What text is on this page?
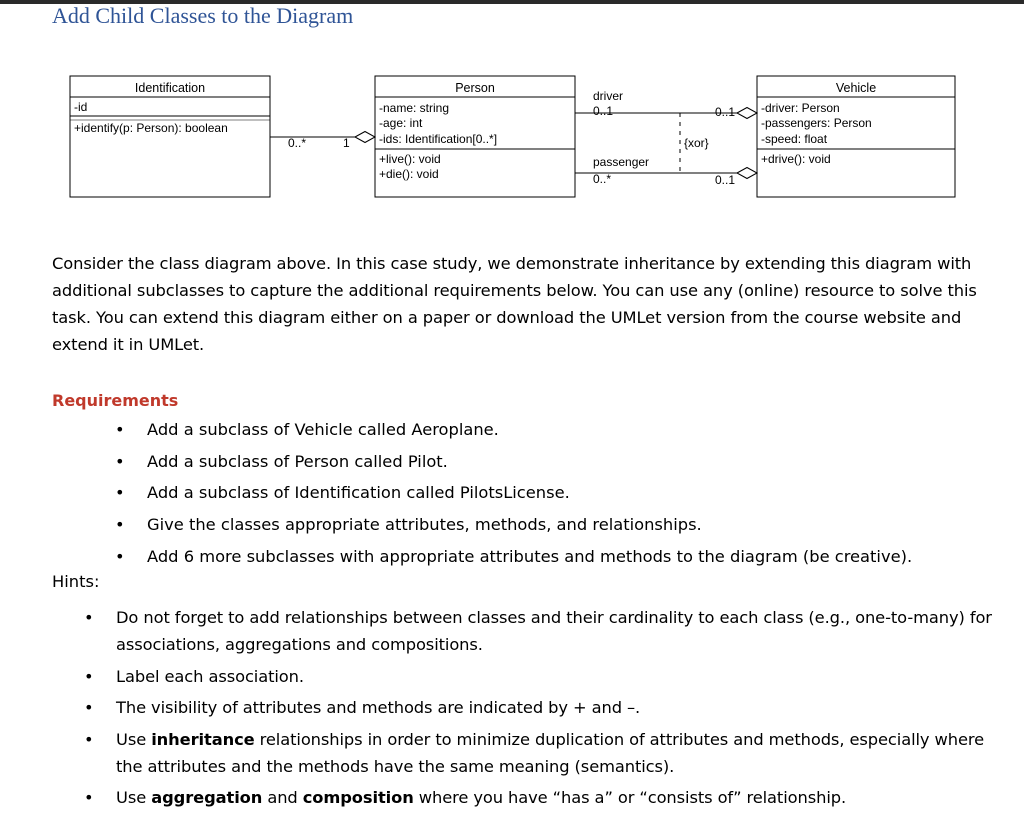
Add Child Classes to the Diagram
Identification
-id
+identify(p: Person): boolean
Person
-name: string
-age: int
-ids: Identification[0..*]
+live(): void
+die(): void
Vehicle
-driver: Person
-passengers: Person
-speed: float
+drive(): void
0..*	1
driver
0..1	0..1
passenger
0..*	0..1
{xor}
Consider the class diagram above. In this case study, we demonstrate inheritance by extending this diagram with additional subclasses to capture the additional requirements below. You can use any (online) resource to solve this task. You can extend this diagram either on a paper or download the UMLet version from the course website and extend it in UMLet.
Requirements
• Add a subclass of Vehicle called Aeroplane.
• Add a subclass of Person called Pilot.
• Add a subclass of Identification called PilotsLicense.
• Give the classes appropriate attributes, methods, and relationships.
• Add 6 more subclasses with appropriate attributes and methods to the diagram (be creative).
Hints:
• Do not forget to add relationships between classes and their cardinality to each class (e.g., one-to-many) for associations, aggregations and compositions.
• Label each association.
• The visibility of attributes and methods are indicated by + and –.
• Use inheritance relationships in order to minimize duplication of attributes and methods, especially where the attributes and the methods have the same meaning (semantics).
• Use aggregation and composition where you have “has a” or “consists of” relationship.
